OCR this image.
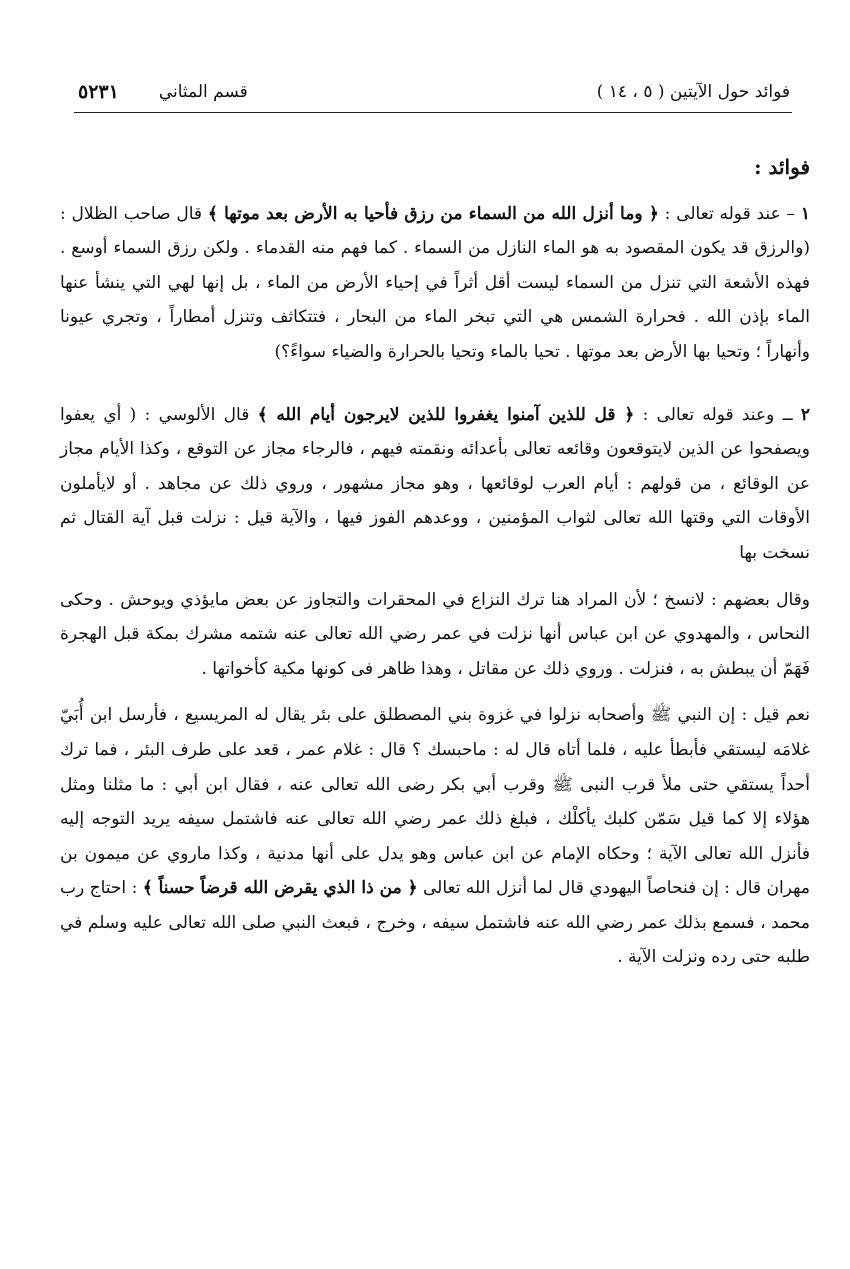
فوائد حول الآيتين ( ٥ ، ١٤ )
قسم المثاني
٥٢٣١

فوائد :

١ – عند قوله تعالى : ﴿ وما أنزل الله من السماء من رزق فأحيا به الأرض بعد موتها ﴾ قال صاحب الظلال : (والرزق قد يكون المقصود به هو الماء النازل من السماء . كما فهم منه القدماء . ولكن رزق السماء أوسع . فهذه الأشعة التي تنزل من السماء ليست أقل أثراً في إحياء الأرض من الماء ، بل إنها لهي التي ينشأ عنها الماء بإذن الله . فحرارة الشمس هي التي تبخر الماء من البحار ، فتتكاثف وتنزل أمطاراً ، وتجري عيونا وأنهاراً ؛ وتحيا بها الأرض بعد موتها . تحيا بالماء وتحيا بالحرارة والضياء سواءً؟)

٢ ــ وعند قوله تعالى : ﴿ قل للذين آمنوا يغفروا للذين لايرجون أيام الله ﴾ قال الألوسي : ( أي يعفوا ويصفحوا عن الذين لايتوقعون وقائعه تعالى بأعدائه ونقمته فيهم ، فالرجاء مجاز عن التوقع ، وكذا الأيام مجاز عن الوقائع ، من قولهم : أيام العرب لوقائعها ، وهو مجاز مشهور ، وروي ذلك عن مجاهد . أو لايأملون الأوقات التي وقتها الله تعالى لثواب المؤمنين ، ووعدهم الفوز فيها ، والآية قيل : نزلت قبل آية القتال ثم نسخت بها

وقال بعضهم : لانسخ ؛ لأن المراد هنا ترك النزاع في المحقرات والتجاوز عن بعض مايؤذي ويوحش . وحكى النحاس ، والمهدوي عن ابن عباس أنها نزلت في عمر رضي الله تعالى عنه شتمه مشرك بمكة قبل الهجرة فَهَمّ أن يبطش به ، فنزلت . وروي ذلك عن مقاتل ، وهذا ظاهر فى كونها مكية كأخواتها .

نعم قيل : إن النبي ﷺ وأصحابه نزلوا في غزوة بني المصطلق على بئر يقال له المريسيع ، فأرسل ابن أُبَيّ غلامَه ليستقي فأبطأ عليه ، فلما أتاه قال له : ماحبسك ؟ قال : غلام عمر ، قعد على طرف البئر ، فما ترك أحداً يستقي حتى ملأ قرب النبى ﷺ وقرب أبي بكر رضى الله تعالى عنه ، فقال ابن أبي : ما مثلنا ومثل هؤلاء إلا كما قيل سَمّن كلبك يأكلْك ، فبلغ ذلك عمر رضي الله تعالى عنه فاشتمل سيفه يريد التوجه إليه فأنزل الله تعالى الآية ؛ وحكاه الإمام عن ابن عباس وهو يدل على أنها مدنية ، وكذا ماروي عن ميمون بن مهران قال : إن فنحاصاً اليهودي قال لما أنزل الله تعالى ﴿ من ذا الذي يقرض الله قرضاً حسناً ﴾ : احتاج رب محمد ، فسمع بذلك عمر رضي الله عنه فاشتمل سيفه ، وخرج ، فبعث النبي صلى الله تعالى عليه وسلم في طلبه حتى رده ونزلت الآية .
